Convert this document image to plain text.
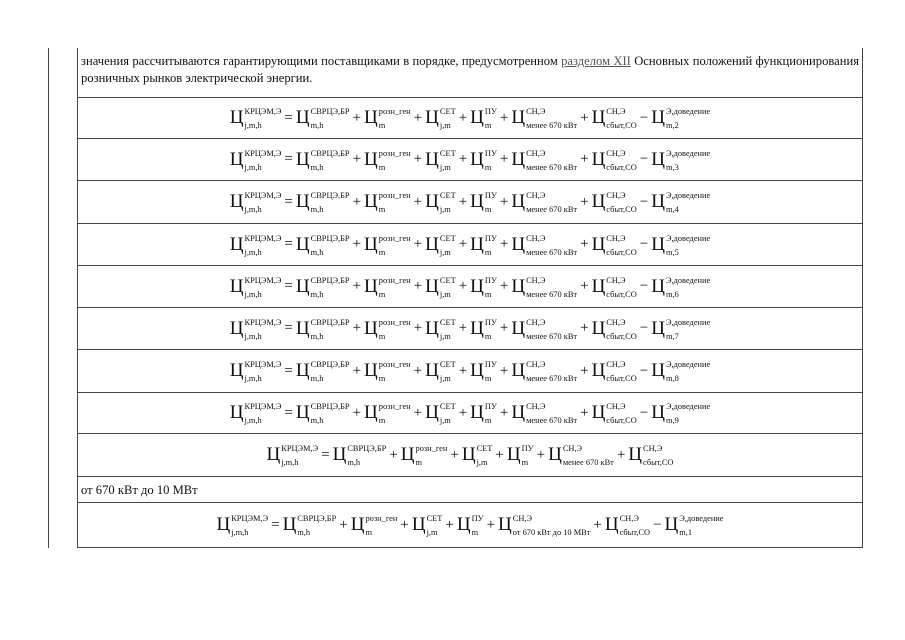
значения рассчитываются гарантирующими поставщиками в порядке, предусмотренном разделом XII Основных положений функционирования розничных рынков электрической энергии.
Ц КРЦЭМ,Э
j,m,h	= Ц СВРЦЭ,БР
m,h	+ Ц розн_ген
m	+ Ц СЕТ
j,m + Ц ПУ
m + Ц СН,Э
менее 670 кВт + Ц СН,Э
сбыт,СО − Ц Э,доведение
m,2
Ц КРЦЭМ,Э
j,m,h	= Ц СВРЦЭ,БР
m,h	+ Ц розн_ген
m	+ Ц СЕТ
j,m + Ц ПУ
m + Ц СН,Э
менее 670 кВт + Ц СН,Э
сбыт,СО − Ц Э,доведение
m,3
Ц КРЦЭМ,Э
j,m,h	= Ц СВРЦЭ,БР
m,h	+ Ц розн_ген
m	+ Ц СЕТ
j,m + Ц ПУ
m + Ц СН,Э
менее 670 кВт + Ц СН,Э
сбыт,СО − Ц Э,доведение
m,4
Ц КРЦЭМ,Э
j,m,h	= Ц СВРЦЭ,БР
m,h	+ Ц розн_ген
m	+ Ц СЕТ
j,m + Ц ПУ
m + Ц СН,Э
менее 670 кВт + Ц СН,Э
сбыт,СО − Ц Э,доведение
m,5
Ц КРЦЭМ,Э
j,m,h	= Ц СВРЦЭ,БР
m,h	+ Ц розн_ген
m	+ Ц СЕТ
j,m + Ц ПУ
m + Ц СН,Э
менее 670 кВт + Ц СН,Э
сбыт,СО − Ц Э,доведение
m,6
Ц КРЦЭМ,Э
j,m,h	= Ц СВРЦЭ,БР
m,h	+ Ц розн_ген
m	+ Ц СЕТ
j,m + Ц ПУ
m + Ц СН,Э
менее 670 кВт + Ц СН,Э
сбыт,СО − Ц Э,доведение
m,7
Ц КРЦЭМ,Э
j,m,h	= Ц СВРЦЭ,БР
m,h	+ Ц розн_ген
m	+ Ц СЕТ
j,m + Ц ПУ
m + Ц СН,Э
менее 670 кВт + Ц СН,Э
сбыт,СО − Ц Э,доведение
m,8
Ц КРЦЭМ,Э
j,m,h	= Ц СВРЦЭ,БР
m,h	+ Ц розн_ген
m	+ Ц СЕТ
j,m + Ц ПУ
m + Ц СН,Э
менее 670 кВт + Ц СН,Э
сбыт,СО − Ц Э,доведение
m,9
Ц КРЦЭМ,Э
j,m,h	= Ц СВРЦЭ,БР
m,h	+ Ц розн_ген
m	+ Ц СЕТ
j,m + Ц ПУ
m + Ц СН,Э
менее 670 кВт + Ц СН,Э
сбыт,СО
Ц КРЦЭМ,Э
j,m,h	= Ц СВРЦЭ,БР
m,h	+ Ц розн_ген
m	+ Ц СЕТ
j,m + Ц ПУ
m + Ц СН,Э
от 670 кВт до 10 МВт + Ц СН,Э
сбыт,СО − Ц Э,доведение
m,1
от 670 кВт до 10 МВт
